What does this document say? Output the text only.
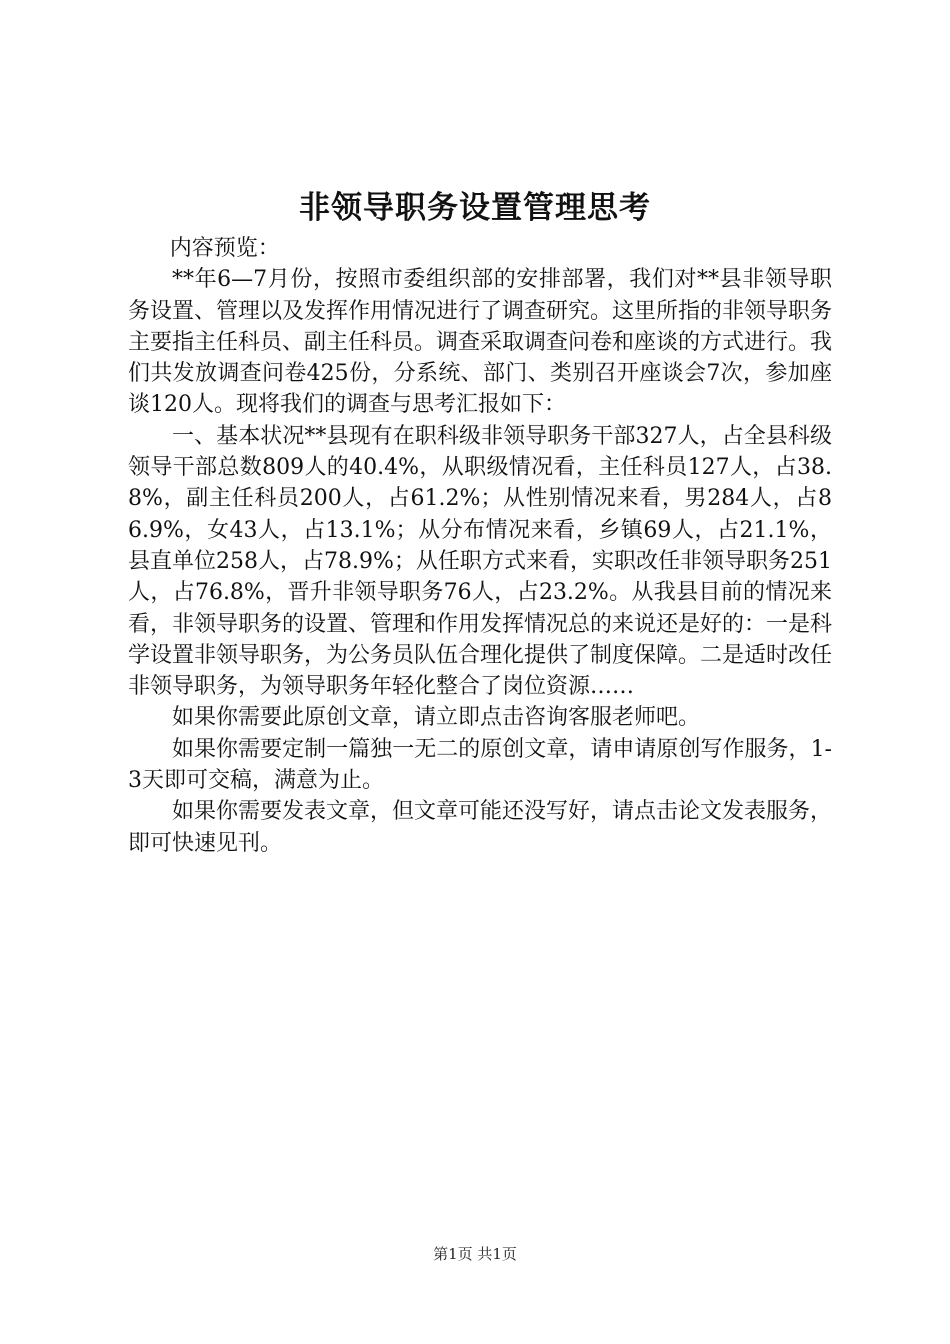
非领导职务设置管理思考

内容预览：

**年6—7月份，按照市委组织部的安排部署，我们对**县非领导职务设置、管理以及发挥作用情况进行了调查研究。这里所指的非领导职务主要指主任科员、副主任科员。调查采取调查问卷和座谈的方式进行。我们共发放调查问卷425份，分系统、部门、类别召开座谈会7次，参加座谈120人。现将我们的调查与思考汇报如下：

一、基本状况**县现有在职科级非领导职务干部327人，占全县科级领导干部总数809人的40.4%，从职级情况看，主任科员127人，占38.8%，副主任科员200人，占61.2%；从性别情况来看，男284人，占86.9%，女43人，占13.1%；从分布情况来看，乡镇69人，占21.1%，县直单位258人，占78.9%；从任职方式来看，实职改任非领导职务251人，占76.8%，晋升非领导职务76人，占23.2%。从我县目前的情况来看，非领导职务的设置、管理和作用发挥情况总的来说还是好的：一是科学设置非领导职务，为公务员队伍合理化提供了制度保障。二是适时改任非领导职务，为领导职务年轻化整合了岗位资源……

如果你需要此原创文章，请立即点击咨询客服老师吧。

如果你需要定制一篇独一无二的原创文章，请申请原创写作服务，1-3天即可交稿，满意为止。

如果你需要发表文章，但文章可能还没写好，请点击论文发表服务，即可快速见刊。

第1页 共1页
